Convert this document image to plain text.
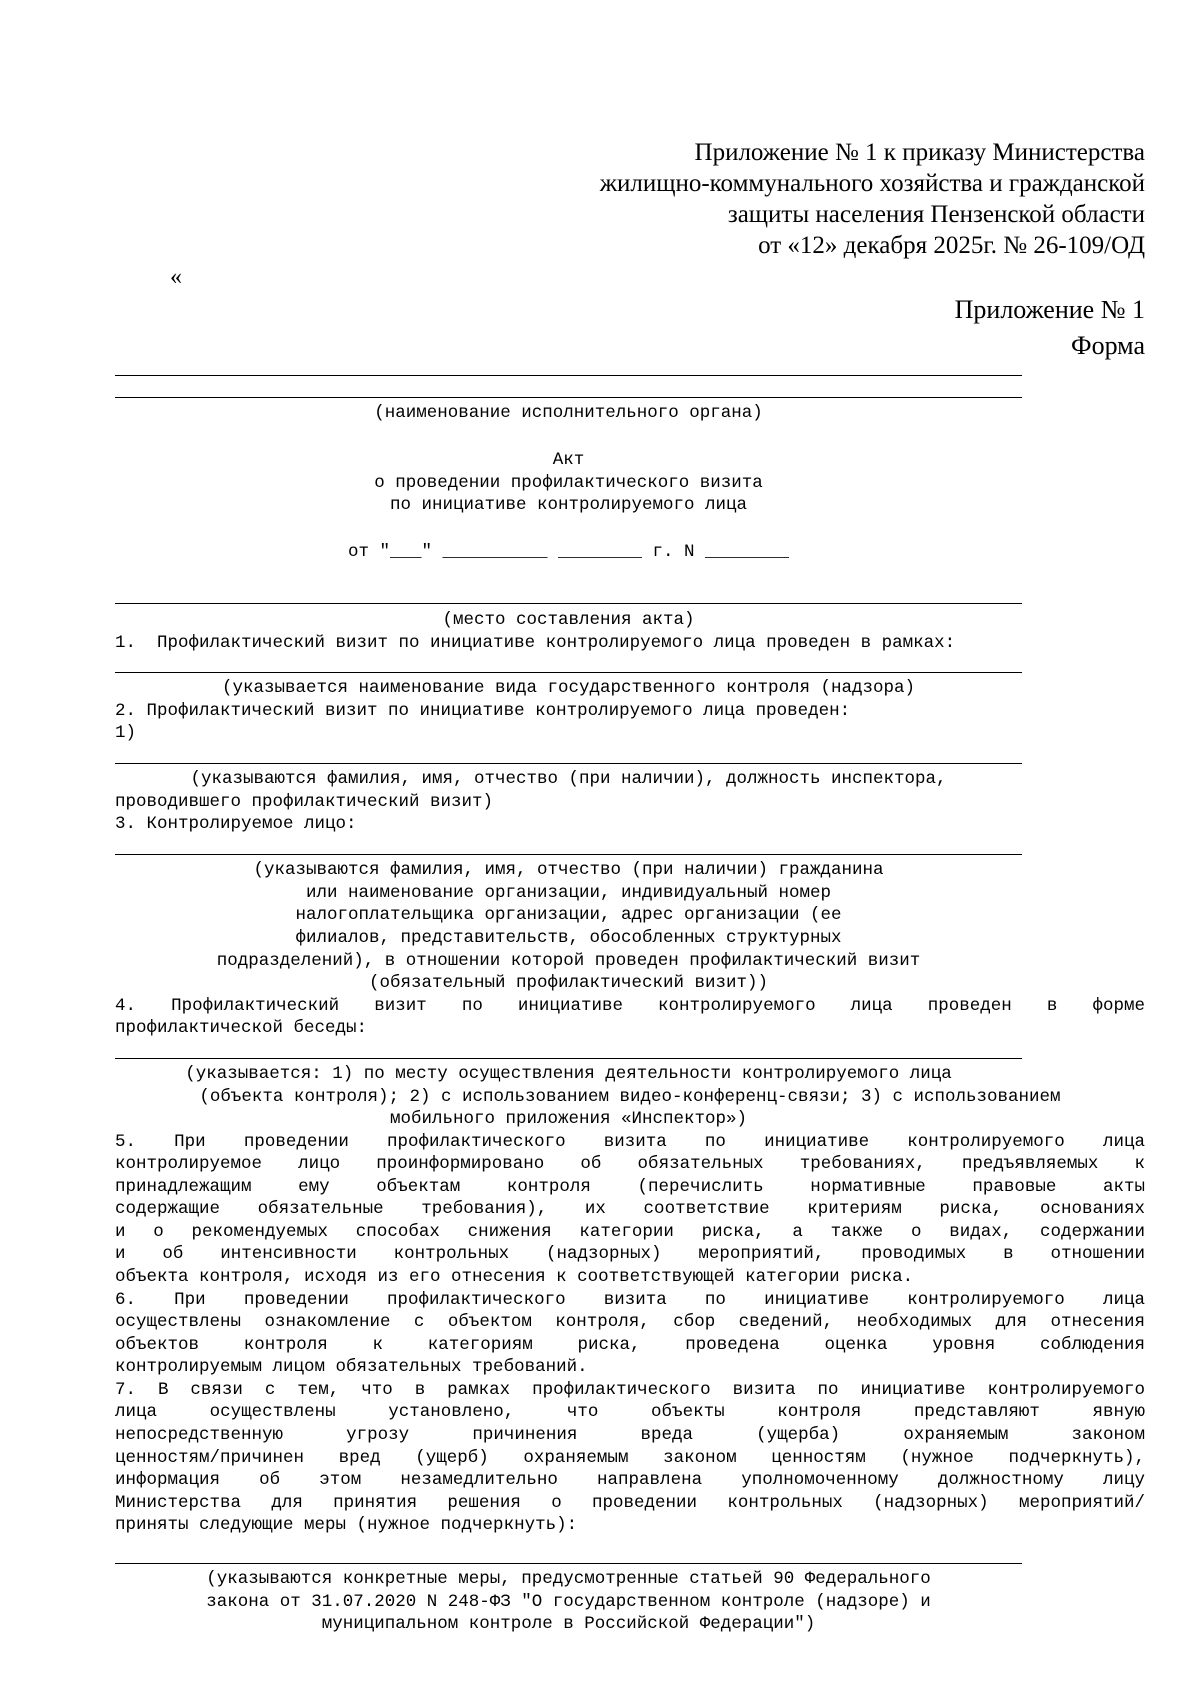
Приложение № 1 к приказу Министерства
жилищно-коммунального хозяйства и гражданской
защиты населения Пензенской области
от «12» декабря 2025г. № 26-109/ОД
«
Приложение № 1
Форма
(наименование исполнительного органа)
Акт
о проведении профилактического визита
по инициативе контролируемого лица
от "___" __________ ________ г. N ________
(место составления акта)
1.  Профилактический визит по инициативе контролируемого лица проведен в рамках:
(указывается наименование вида государственного контроля (надзора)
2. Профилактический визит по инициативе контролируемого лица проведен:
1)
(указываются фамилия, имя, отчество (при наличии), должность инспектора,
проводившего профилактический визит)
3. Контролируемое лицо:
(указываются фамилия, имя, отчество (при наличии) гражданина
или наименование организации, индивидуальный номер
налогоплательщика организации, адрес организации (ее
филиалов, представительств, обособленных структурных
подразделений), в отношении которой проведен профилактический визит
(обязательный профилактический визит))
4. Профилактический визит по инициативе контролируемого лица проведен в форме
профилактической беседы:
(указывается: 1) по месту осуществления деятельности контролируемого лица
(объекта контроля); 2) с использованием видео-конференц-связи; 3) с использованием
мобильного приложения «Инспектор»)
5. При проведении профилактического визита по инициативе контролируемого лица
контролируемое лицо проинформировано об обязательных требованиях, предъявляемых к
принадлежащим ему объектам контроля (перечислить нормативные правовые акты
содержащие обязательные требования), их соответствие критериям риска, основаниях
и о рекомендуемых способах снижения категории риска, а также о видах, содержании
и об интенсивности контрольных (надзорных) мероприятий, проводимых в отношении
объекта контроля, исходя из его отнесения к соответствующей категории риска.
6. При проведении профилактического визита по инициативе контролируемого лица
осуществлены ознакомление с объектом контроля, сбор сведений, необходимых для отнесения
объектов контроля к категориям риска, проведена оценка уровня соблюдения
контролируемым лицом обязательных требований.
7. В связи с тем, что в рамках профилактического визита по инициативе контролируемого
лица осуществлены установлено, что объекты контроля представляют явную
непосредственную угрозу причинения вреда (ущерба) охраняемым законом
ценностям/причинен вред (ущерб) охраняемым законом ценностям (нужное подчеркнуть),
информация об этом незамедлительно направлена уполномоченному должностному лицу
Министерства для принятия решения о проведении контрольных (надзорных) мероприятий/
приняты следующие меры (нужное подчеркнуть):
(указываются конкретные меры, предусмотренные статьей 90 Федерального
закона от 31.07.2020 N 248-ФЗ "О государственном контроле (надзоре) и
муниципальном контроле в Российской Федерации")
